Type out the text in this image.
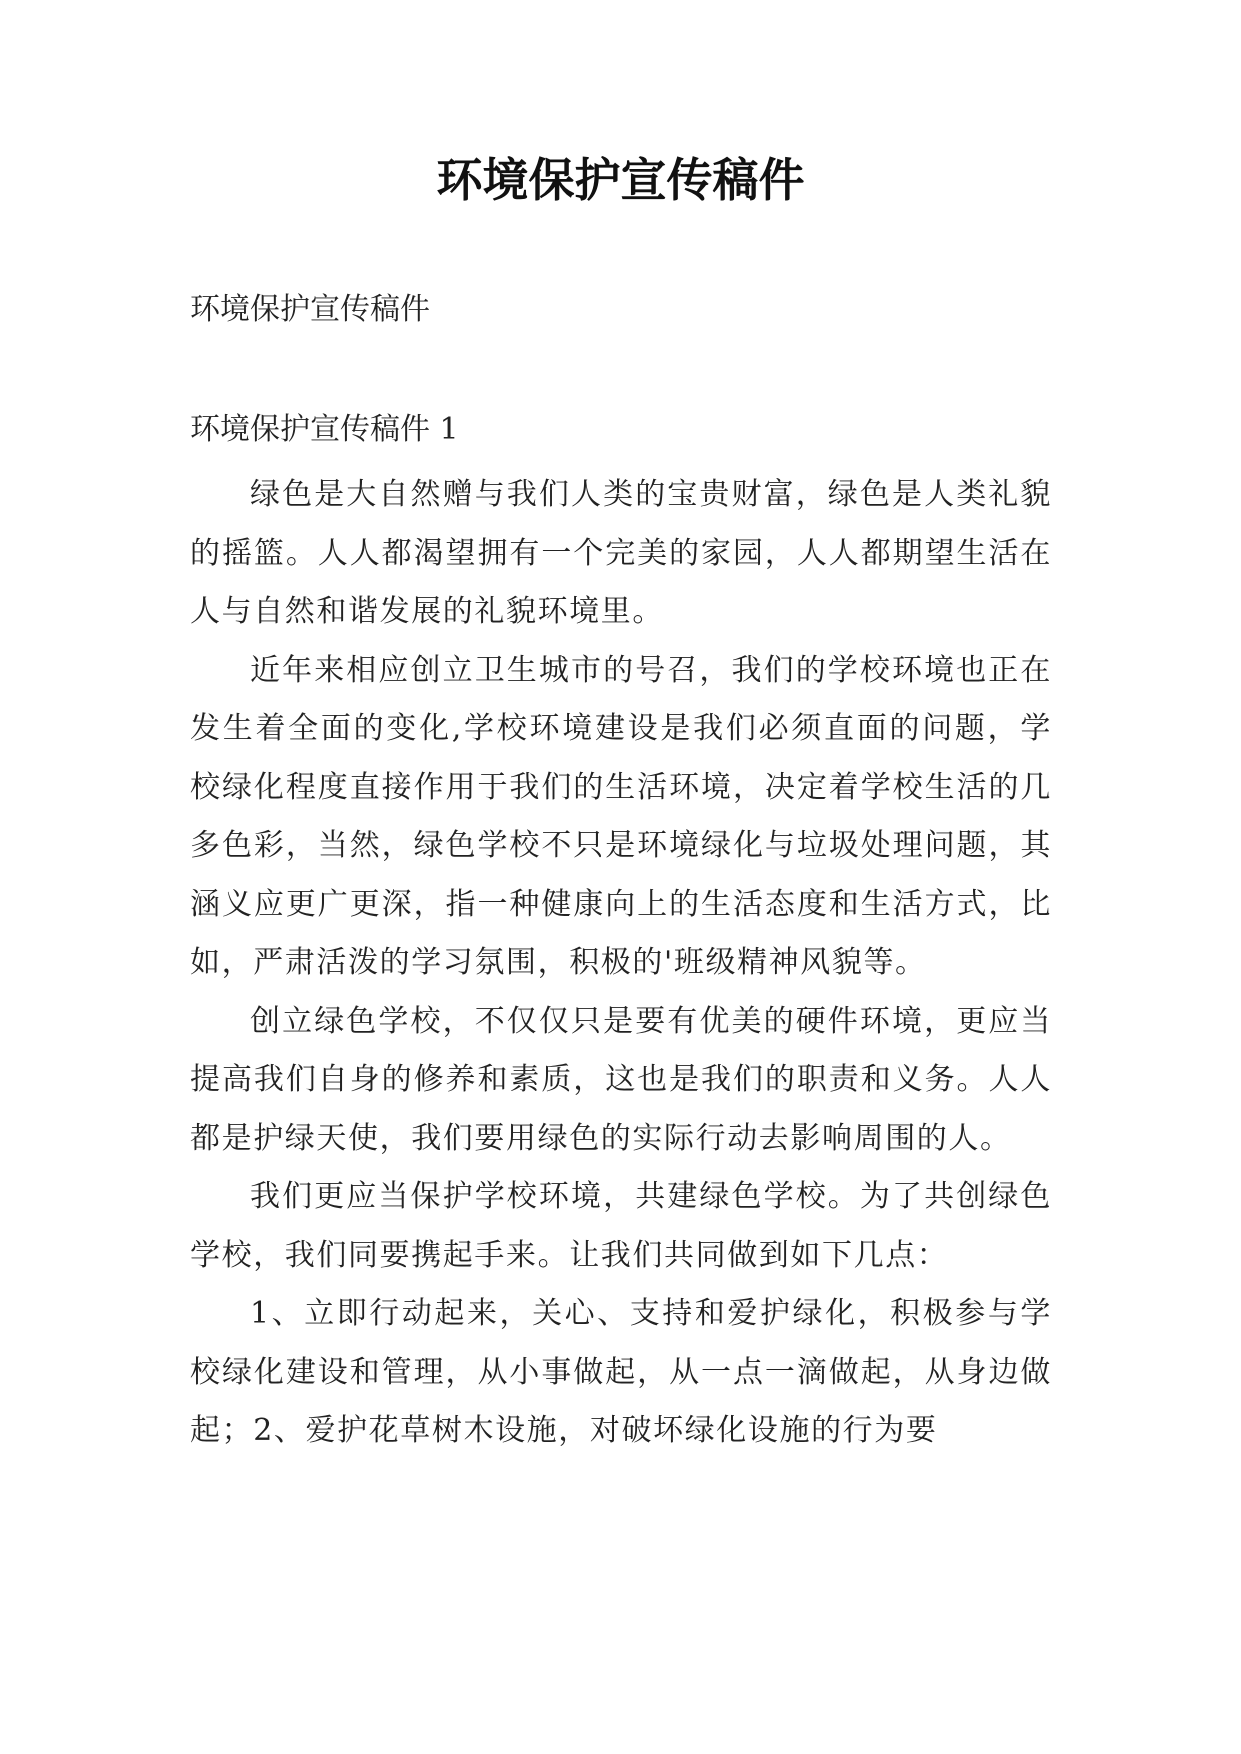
环境保护宣传稿件

环境保护宣传稿件

环境保护宣传稿件 1

绿色是大自然赠与我们人类的宝贵财富，绿色是人类礼貌的摇篮。人人都渴望拥有一个完美的家园，人人都期望生活在人与自然和谐发展的礼貌环境里。

近年来相应创立卫生城市的号召，我们的学校环境也正在发生着全面的变化,学校环境建设是我们必须直面的问题，学校绿化程度直接作用于我们的生活环境，决定着学校生活的几多色彩，当然，绿色学校不只是环境绿化与垃圾处理问题，其涵义应更广更深，指一种健康向上的生活态度和生活方式，比如，严肃活泼的学习氛围，积极的'班级精神风貌等。

创立绿色学校，不仅仅只是要有优美的硬件环境，更应当提高我们自身的修养和素质，这也是我们的职责和义务。人人都是护绿天使，我们要用绿色的实际行动去影响周围的人。

我们更应当保护学校环境，共建绿色学校。为了共创绿色学校，我们同要携起手来。让我们共同做到如下几点：

1、立即行动起来，关心、支持和爱护绿化，积极参与学校绿化建设和管理，从小事做起，从一点一滴做起，从身边做起；2、爱护花草树木设施，对破坏绿化设施的行为要
